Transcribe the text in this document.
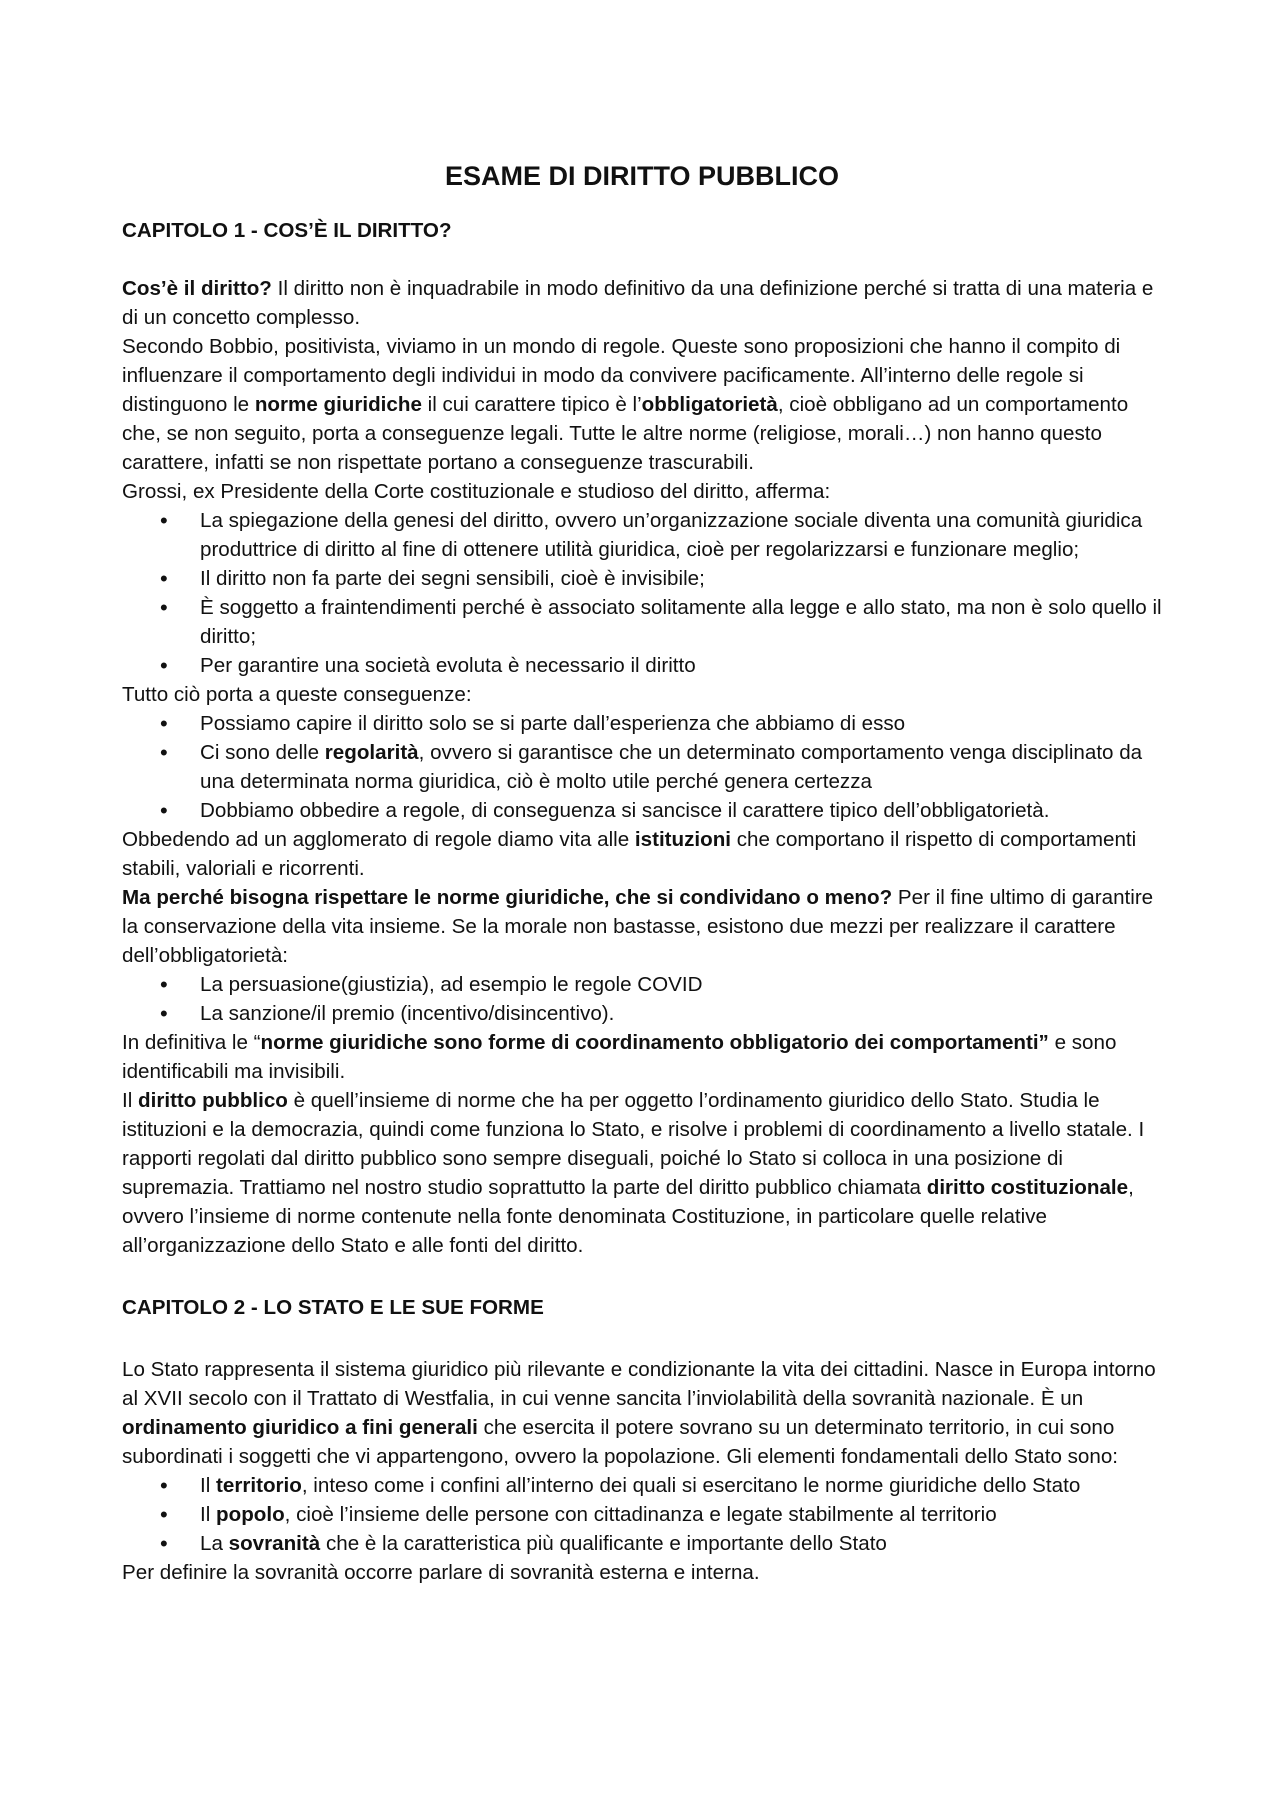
ESAME DI DIRITTO PUBBLICO
CAPITOLO 1 - COS’È IL DIRITTO?

Cos’è il diritto? Il diritto non è inquadrabile in modo definitivo da una definizione perché si tratta di una materia e di un concetto complesso.

Secondo Bobbio, positivista, viviamo in un mondo di regole. Queste sono proposizioni che hanno il compito di influenzare il comportamento degli individui in modo da convivere pacificamente. All’interno delle regole si distinguono le norme giuridiche il cui carattere tipico è l’obbligatorietà, cioè obbligano ad un comportamento che, se non seguito, porta a conseguenze legali. Tutte le altre norme (religiose, morali…) non hanno questo carattere, infatti se non rispettate portano a conseguenze trascurabili.

Grossi, ex Presidente della Corte costituzionale e studioso del diritto, afferma:

• La spiegazione della genesi del diritto, ovvero un’organizzazione sociale diventa una comunità giuridica produttrice di diritto al fine di ottenere utilità giuridica, cioè per regolarizzarsi e funzionare meglio;
• Il diritto non fa parte dei segni sensibili, cioè è invisibile;
• È soggetto a fraintendimenti perché è associato solitamente alla legge e allo stato, ma non è solo quello il diritto;
• Per garantire una società evoluta è necessario il diritto

Tutto ciò porta a queste conseguenze:

• Possiamo capire il diritto solo se si parte dall’esperienza che abbiamo di esso
• Ci sono delle regolarità, ovvero si garantisce che un determinato comportamento venga disciplinato da una determinata norma giuridica, ciò è molto utile perché genera certezza
• Dobbiamo obbedire a regole, di conseguenza si sancisce il carattere tipico dell’obbligatorietà.

Obbedendo ad un agglomerato di regole diamo vita alle istituzioni che comportano il rispetto di comportamenti stabili, valoriali e ricorrenti.

Ma perché bisogna rispettare le norme giuridiche, che si condividano o meno? Per il fine ultimo di garantire la conservazione della vita insieme. Se la morale non bastasse, esistono due mezzi per realizzare il carattere dell’obbligatorietà:

• La persuasione(giustizia), ad esempio le regole COVID
• La sanzione/il premio (incentivo/disincentivo).

In definitiva le “norme giuridiche sono forme di coordinamento obbligatorio dei comportamenti” e sono identificabili ma invisibili.

Il diritto pubblico è quell’insieme di norme che ha per oggetto l’ordinamento giuridico dello Stato. Studia le istituzioni e la democrazia, quindi come funziona lo Stato, e risolve i problemi di coordinamento a livello statale. I rapporti regolati dal diritto pubblico sono sempre diseguali, poiché lo Stato si colloca in una posizione di supremazia. Trattiamo nel nostro studio soprattutto la parte del diritto pubblico chiamata diritto costituzionale, ovvero l’insieme di norme contenute nella fonte denominata Costituzione, in particolare quelle relative all’organizzazione dello Stato e alle fonti del diritto.

CAPITOLO 2 - LO STATO E LE SUE FORME

Lo Stato rappresenta il sistema giuridico più rilevante e condizionante la vita dei cittadini. Nasce in Europa intorno al XVII secolo con il Trattato di Westfalia, in cui venne sancita l’inviolabilità della sovranità nazionale. È un ordinamento giuridico a fini generali che esercita il potere sovrano su un determinato territorio, in cui sono subordinati i soggetti che vi appartengono, ovvero la popolazione. Gli elementi fondamentali dello Stato sono:

• Il territorio, inteso come i confini all’interno dei quali si esercitano le norme giuridiche dello Stato
• Il popolo, cioè l’insieme delle persone con cittadinanza e legate stabilmente al territorio
• La sovranità che è la caratteristica più qualificante e importante dello Stato

Per definire la sovranità occorre parlare di sovranità esterna e interna.
